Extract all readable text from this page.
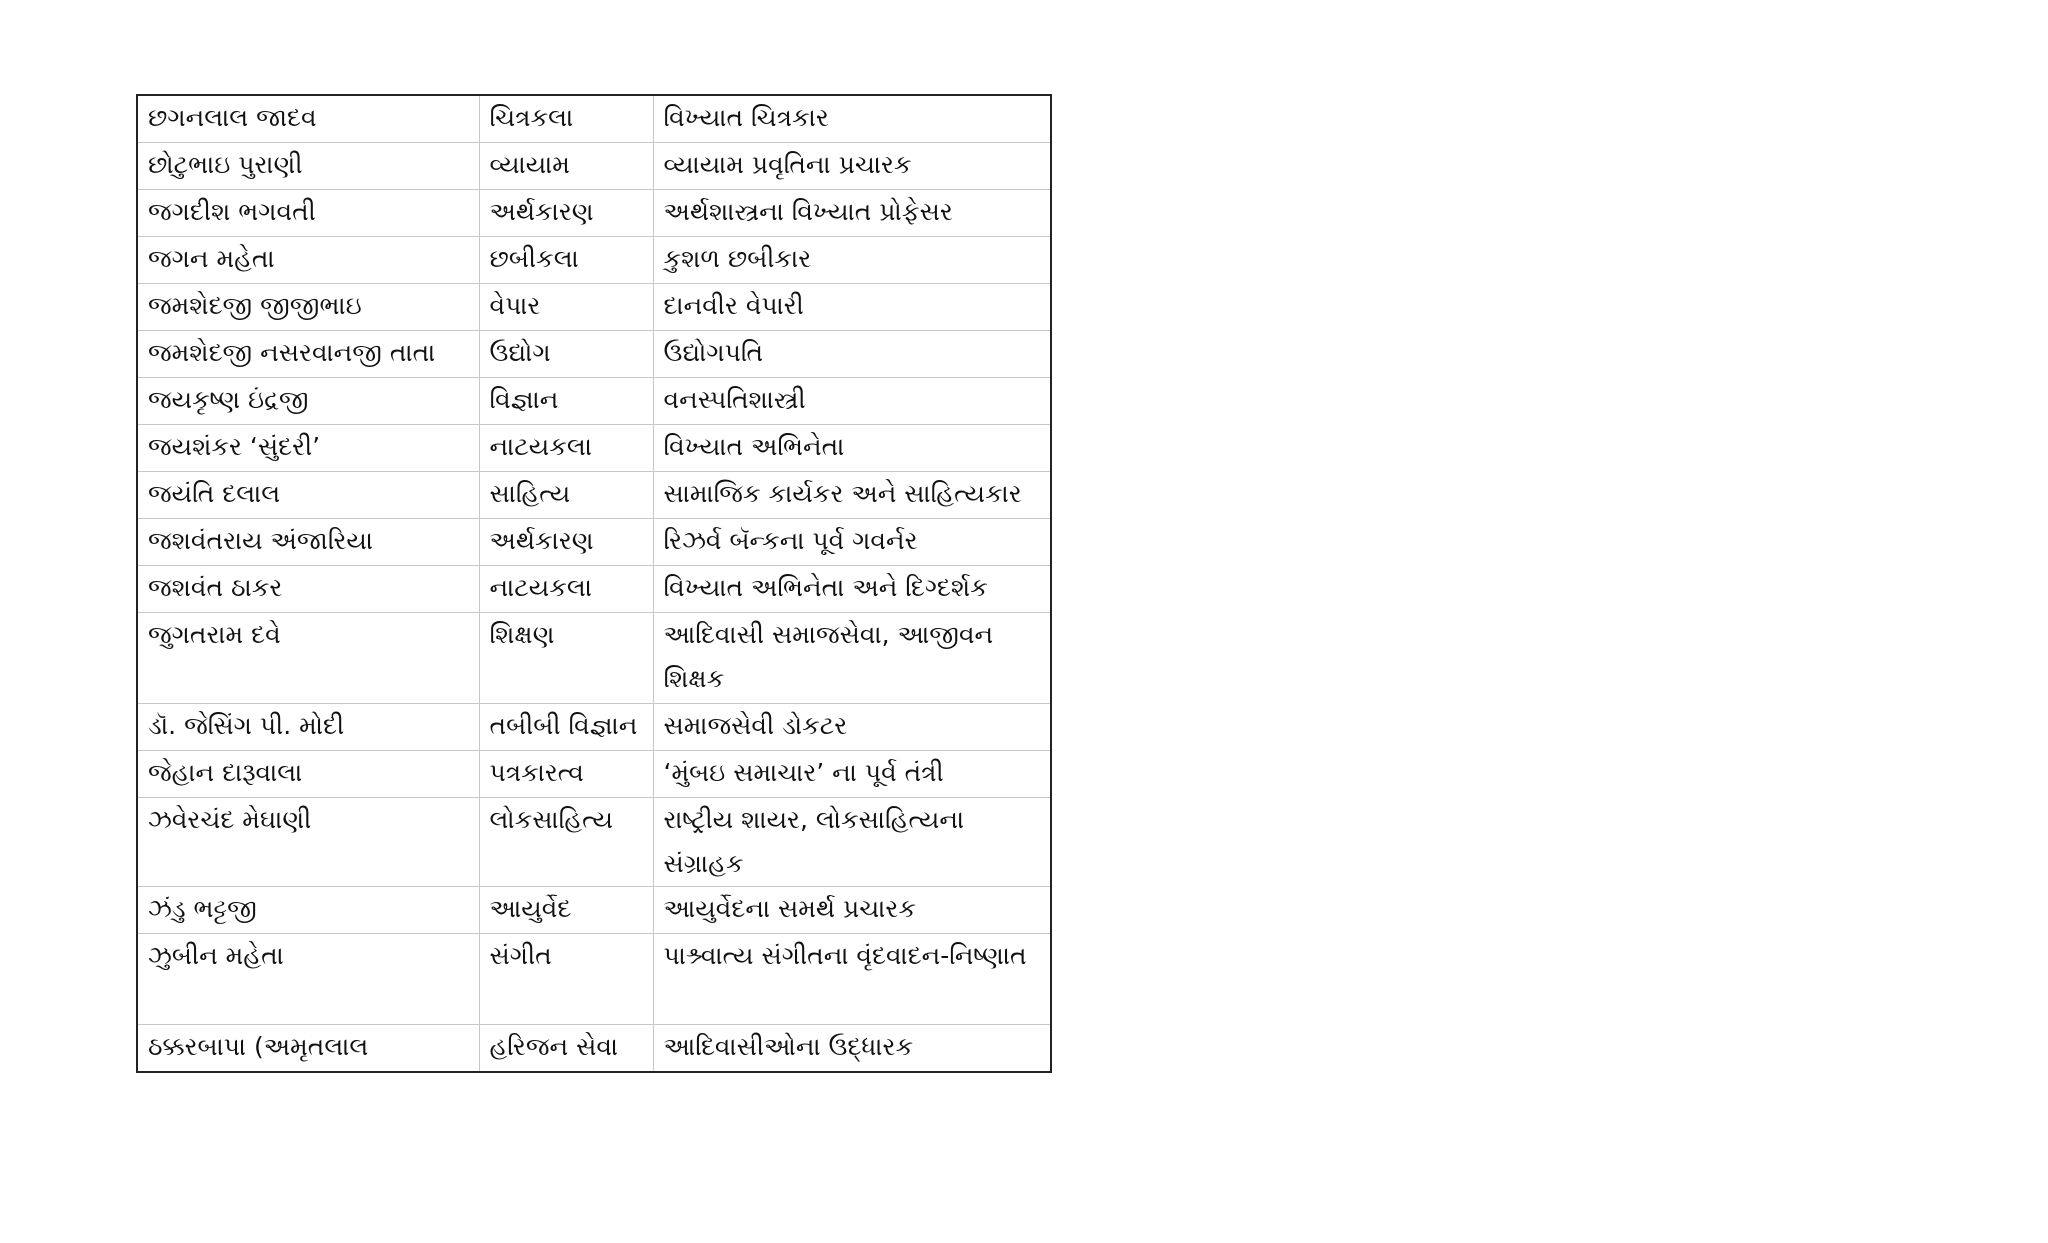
છગનલાલ જાદવ	ચિત્રકલા	વિખ્યાત ચિત્રકાર
છોટુભાઇ પુરાણી	વ્યાયામ	વ્યાયામ પ્રવૃતિના પ્રચારક
જગદીશ ભગવતી	અર્થકારણ	અર્થશાસ્ત્રના વિખ્યાત પ્રોફેસર
જગન મહેતા	છબીકલા	કુશળ છબીકાર
જમશેદજી જીજીભાઇ	વેપાર	દાનવીર વેપારી
જમશેદજી નસરવાનજી તાતા	ઉદ્યોગ	ઉદ્યોગપતિ
જયકૃષ્ણ ઇંદ્રજી	વિજ્ઞાન	વનસ્પતિશાસ્ત્રી
જયશંકર ‘સુંદરી’	નાટયકલા	વિખ્યાત અભિનેતા
જયંતિ દલાલ	સાહિત્ય	સામાજિક કાર્યકર અને સાહિત્યકાર
જશવંતરાય અંજારિયા	અર્થકારણ	રિઝર્વ બૅન્કના પૂર્વ ગવર્નર
જશવંત ઠાકર	નાટયકલા	વિખ્યાત અભિનેતા અને દિગ્દર્શક
જુગતરામ દવે	શિક્ષણ	આદિવાસી સમાજસેવા, આજીવન શિક્ષક
ડૉ. જેસિંગ પી. મોદી	તબીબી વિજ્ઞાન	સમાજસેવી ડોકટર
જેહાન દારૂવાલા	પત્રકારત્વ	‘મુંબઇ સમાચાર’ ના પૂર્વ તંત્રી
ઝવેરચંદ મેઘાણી	લોકસાહિત્ય	રાષ્ટ્રીય શાયર, લોકસાહિત્યના સંગ્રાહક
ઝંડુ ભટ્ટજી	આયુર્વેદ	આયુર્વેદના સમર્થ પ્રચારક
ઝુબીન મહેતા	સંગીત	પાશ્ર્વાત્ય સંગીતના વૃંદવાદન-નિષ્ણાત
ઠક્કરબાપા (અમૃતલાલ	હરિજન સેવા	આદિવાસીઓના ઉદ્ધારક
